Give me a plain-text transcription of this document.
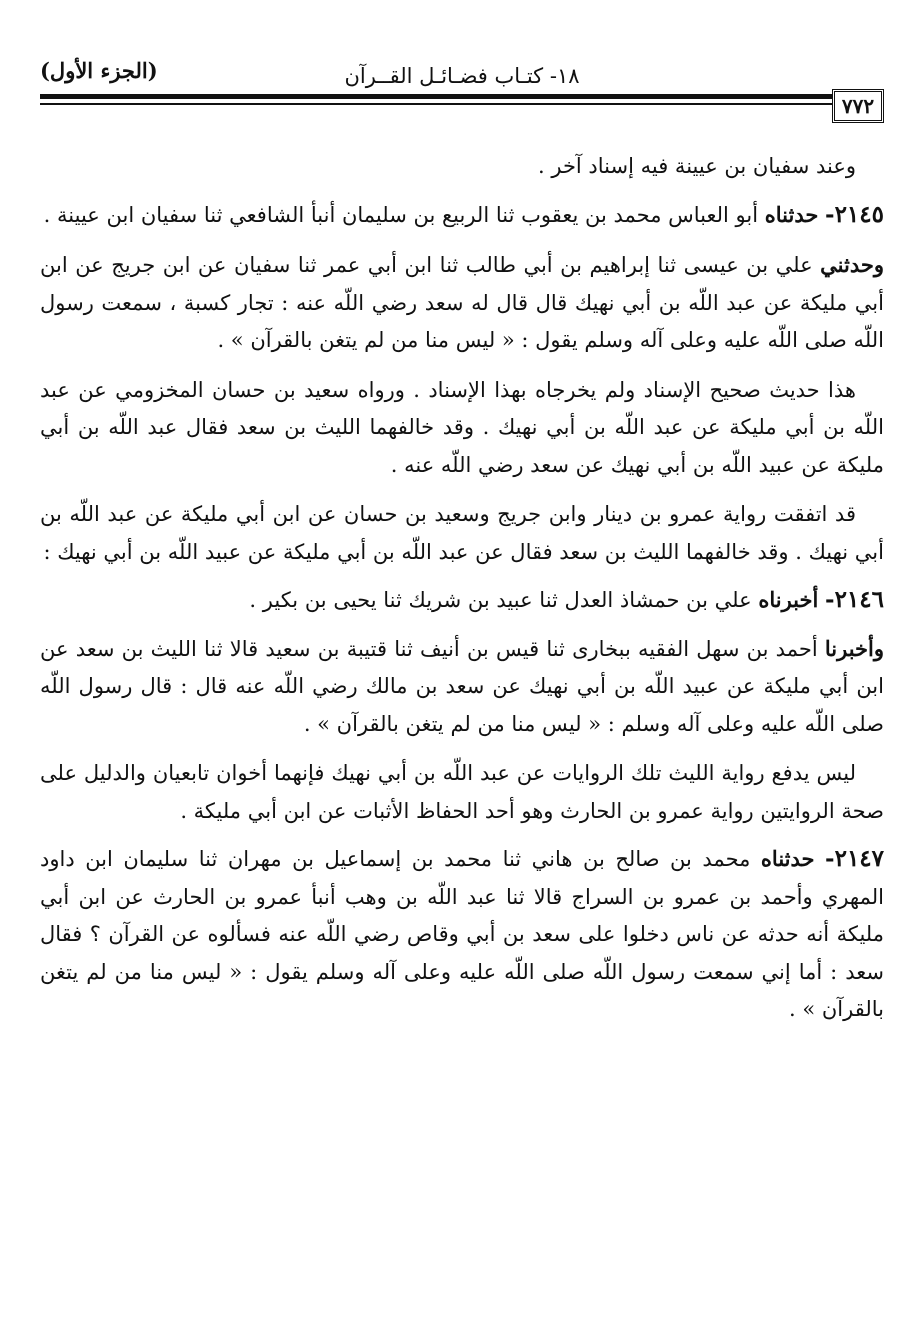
(الجزء الأول)	١٨- كتـاب فضـائـل القــرآن
٧٧٢

وعند سفيان بن عيينة فيه إسناد آخر .

٢١٤٥- حدثناه أبو العباس محمد بن يعقوب ثنا الربيع بن سليمان أنبأ الشافعي ثنا سفيان ابن عيينة .

وحدثني علي بن عيسى ثنا إبراهيم بن أبي طالب ثنا ابن أبي عمر ثنا سفيان عن ابن جريج عن ابن أبي مليكة عن عبد اللّه بن أبي نهيك قال قال له سعد رضي اللّه عنه : تجار كسبة ، سمعت رسول اللّه صلى اللّه عليه وعلى آله وسلم يقول : « ليس منا من لم يتغن بالقرآن » .

هذا حديث صحيح الإسناد ولم يخرجاه بهذا الإسناد . ورواه سعيد بن حسان المخزومي عن عبد اللّه بن أبي مليكة عن عبد اللّه بن أبي نهيك . وقد خالفهما الليث بن سعد فقال عبد اللّه بن أبي مليكة عن عبيد اللّه بن أبي نهيك عن سعد رضي اللّه عنه .

قد اتفقت رواية عمرو بن دينار وابن جريج وسعيد بن حسان عن ابن أبي مليكة عن عبد اللّه بن أبي نهيك . وقد خالفهما الليث بن سعد فقال عن عبد اللّه بن أبي مليكة عن عبيد اللّه بن أبي نهيك :

٢١٤٦- أخبرناه علي بن حمشاذ العدل ثنا عبيد بن شريك ثنا يحيى بن بكير .

وأخبرنا أحمد بن سهل الفقيه ببخارى ثنا قيس بن أنيف ثنا قتيبة بن سعيد قالا ثنا الليث بن سعد عن ابن أبي مليكة عن عبيد اللّه بن أبي نهيك عن سعد بن مالك رضي اللّه عنه قال : قال رسول اللّه صلى اللّه عليه وعلى آله وسلم : « ليس منا من لم يتغن بالقرآن » .

ليس يدفع رواية الليث تلك الروايات عن عبد اللّه بن أبي نهيك فإنهما أخوان تابعيان والدليل على صحة الروايتين رواية عمرو بن الحارث وهو أحد الحفاظ الأثبات عن ابن أبي مليكة .

٢١٤٧- حدثناه محمد بن صالح بن هاني ثنا محمد بن إسماعيل بن مهران ثنا سليمان ابن داود المهري وأحمد بن عمرو بن السراج قالا ثنا عبد اللّه بن وهب أنبأ عمرو بن الحارث عن ابن أبي مليكة أنه حدثه عن ناس دخلوا على سعد بن أبي وقاص رضي اللّه عنه فسألوه عن القرآن ؟ فقال سعد : أما إني سمعت رسول اللّه صلى اللّه عليه وعلى آله وسلم يقول : « ليس منا من لم يتغن بالقرآن » .
